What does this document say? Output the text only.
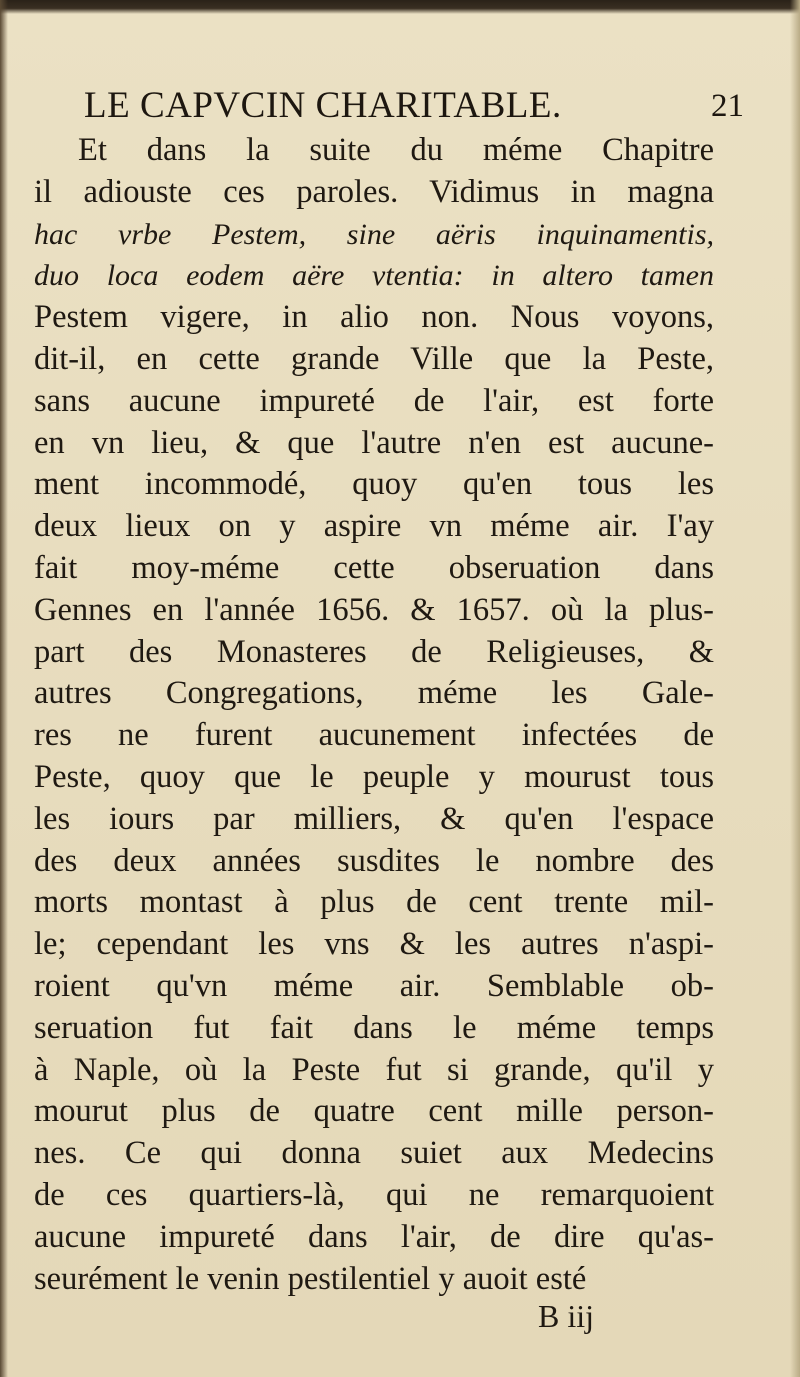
LE CAPVCIN CHARITABLE.	21
Et dans la suite du méme Chapitre
il adiouste ces paroles. Vidimus in magna
hac vrbe Pestem, sine aëris inquinamentis,
duo loca eodem aëre vtentia: in altero tamen
Pestem vigere, in alio non. Nous voyons,
dit-il, en cette grande Ville que la Peste,
sans aucune impureté de l'air, est forte
en vn lieu, & que l'autre n'en est aucune-
ment incommodé, quoy qu'en tous les
deux lieux on y aspire vn méme air. I'ay
fait moy-méme cette obseruation dans
Gennes en l'année 1656. & 1657. où la plus-
part des Monasteres de Religieuses, &
autres Congregations, méme les Gale-
res ne furent aucunement infectées de
Peste, quoy que le peuple y mourust tous
les iours par milliers, & qu'en l'espace
des deux années susdites le nombre des
morts montast à plus de cent trente mil-
le; cependant les vns & les autres n'aspi-
roient qu'vn méme air. Semblable ob-
seruation fut fait dans le méme temps
à Naple, où la Peste fut si grande, qu'il y
mourut plus de quatre cent mille person-
nes. Ce qui donna suiet aux Medecins
de ces quartiers-là, qui ne remarquoient
aucune impureté dans l'air, de dire qu'as-
seurément le venin pestilentiel y auoit esté
B iij
